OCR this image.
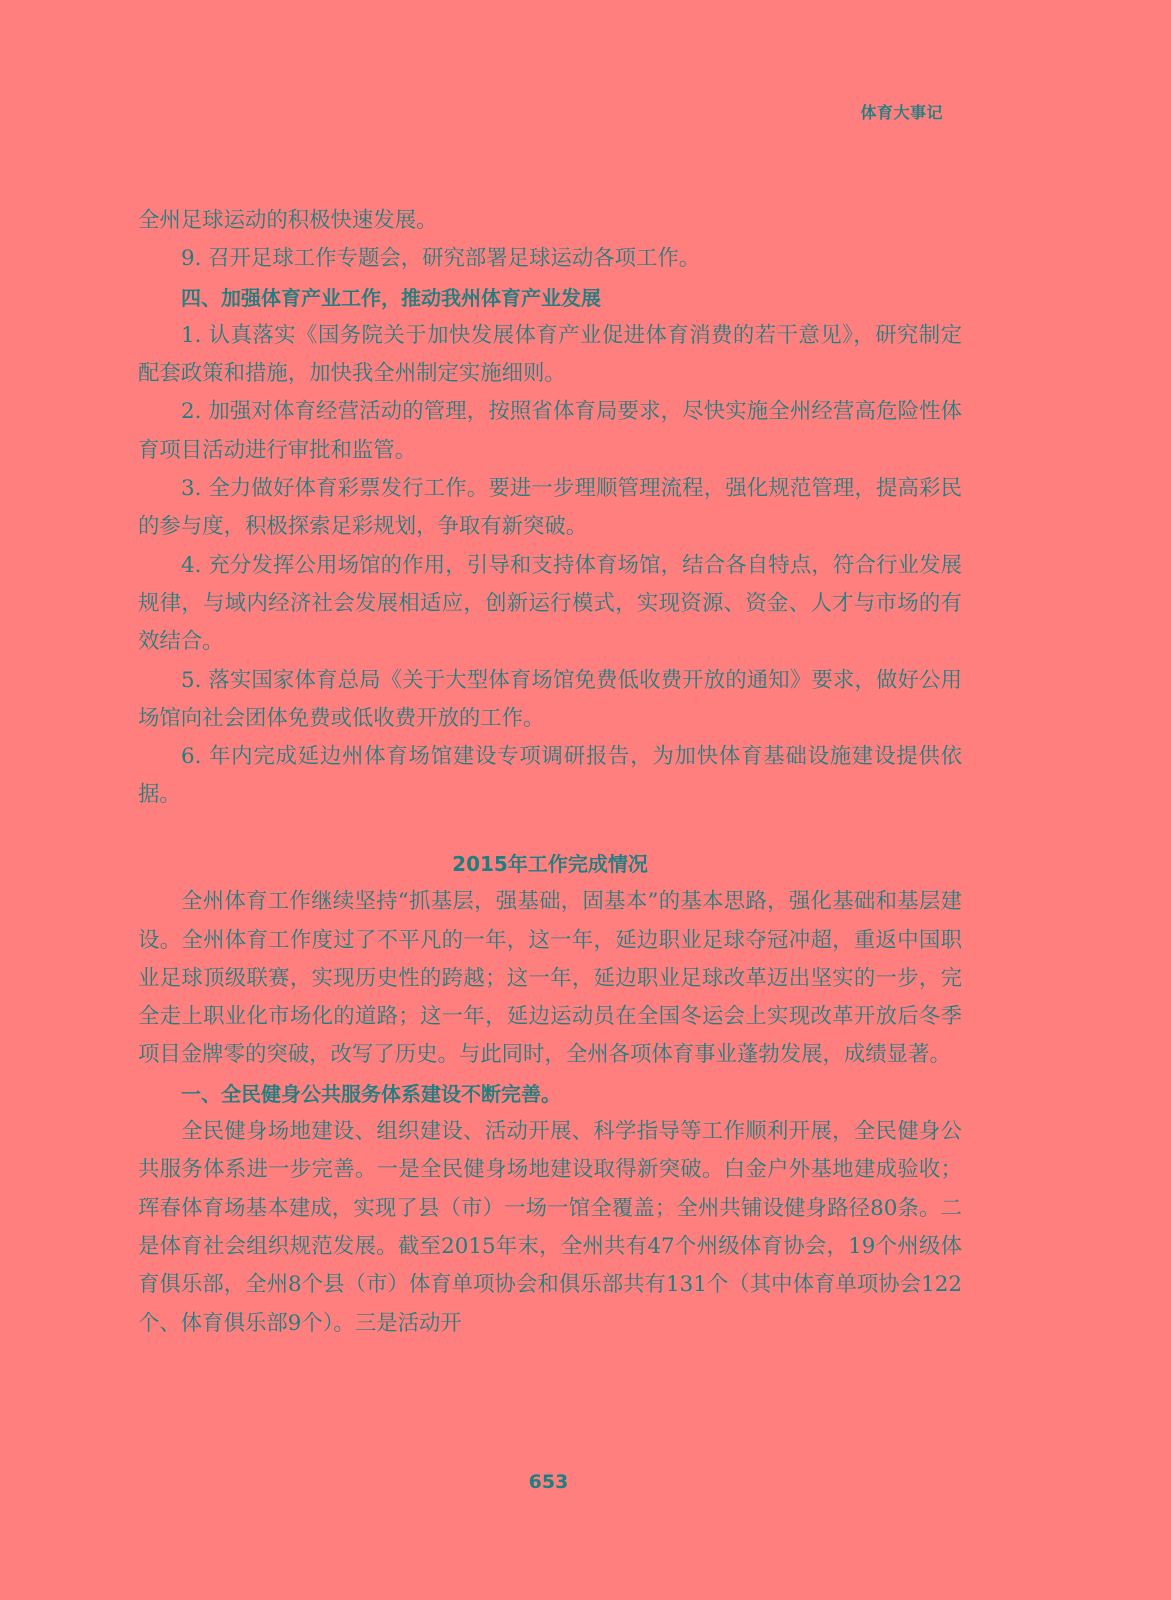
体育大事记

全州足球运动的积极快速发展。

9. 召开足球工作专题会，研究部署足球运动各项工作。

四、加强体育产业工作，推动我州体育产业发展

1. 认真落实《国务院关于加快发展体育产业促进体育消费的若干意见》，研究制定配套政策和措施，加快我全州制定实施细则。

2. 加强对体育经营活动的管理，按照省体育局要求，尽快实施全州经营高危险性体育项目活动进行审批和监管。

3. 全力做好体育彩票发行工作。要进一步理顺管理流程，强化规范管理，提高彩民的参与度，积极探索足彩规划，争取有新突破。

4. 充分发挥公用场馆的作用，引导和支持体育场馆，结合各自特点，符合行业发展规律，与域内经济社会发展相适应，创新运行模式，实现资源、资金、人才与市场的有效结合。

5. 落实国家体育总局《关于大型体育场馆免费低收费开放的通知》要求，做好公用场馆向社会团体免费或低收费开放的工作。

6. 年内完成延边州体育场馆建设专项调研报告，为加快体育基础设施建设提供依据。

2015年工作完成情况

全州体育工作继续坚持“抓基层，强基础，固基本”的基本思路，强化基础和基层建设。全州体育工作度过了不平凡的一年，这一年，延边职业足球夺冠冲超，重返中国职业足球顶级联赛，实现历史性的跨越；这一年，延边职业足球改革迈出坚实的一步，完全走上职业化市场化的道路；这一年，延边运动员在全国冬运会上实现改革开放后冬季项目金牌零的突破，改写了历史。与此同时，全州各项体育事业蓬勃发展，成绩显著。

一、全民健身公共服务体系建设不断完善。

全民健身场地建设、组织建设、活动开展、科学指导等工作顺利开展，全民健身公共服务体系进一步完善。一是全民健身场地建设取得新突破。白金户外基地建成验收；珲春体育场基本建成，实现了县（市）一场一馆全覆盖；全州共铺设健身路径80条。二是体育社会组织规范发展。截至2015年末，全州共有47个州级体育协会，19个州级体育俱乐部，全州8个县（市）体育单项协会和俱乐部共有131个（其中体育单项协会122个、体育俱乐部9个）。三是活动开

653
